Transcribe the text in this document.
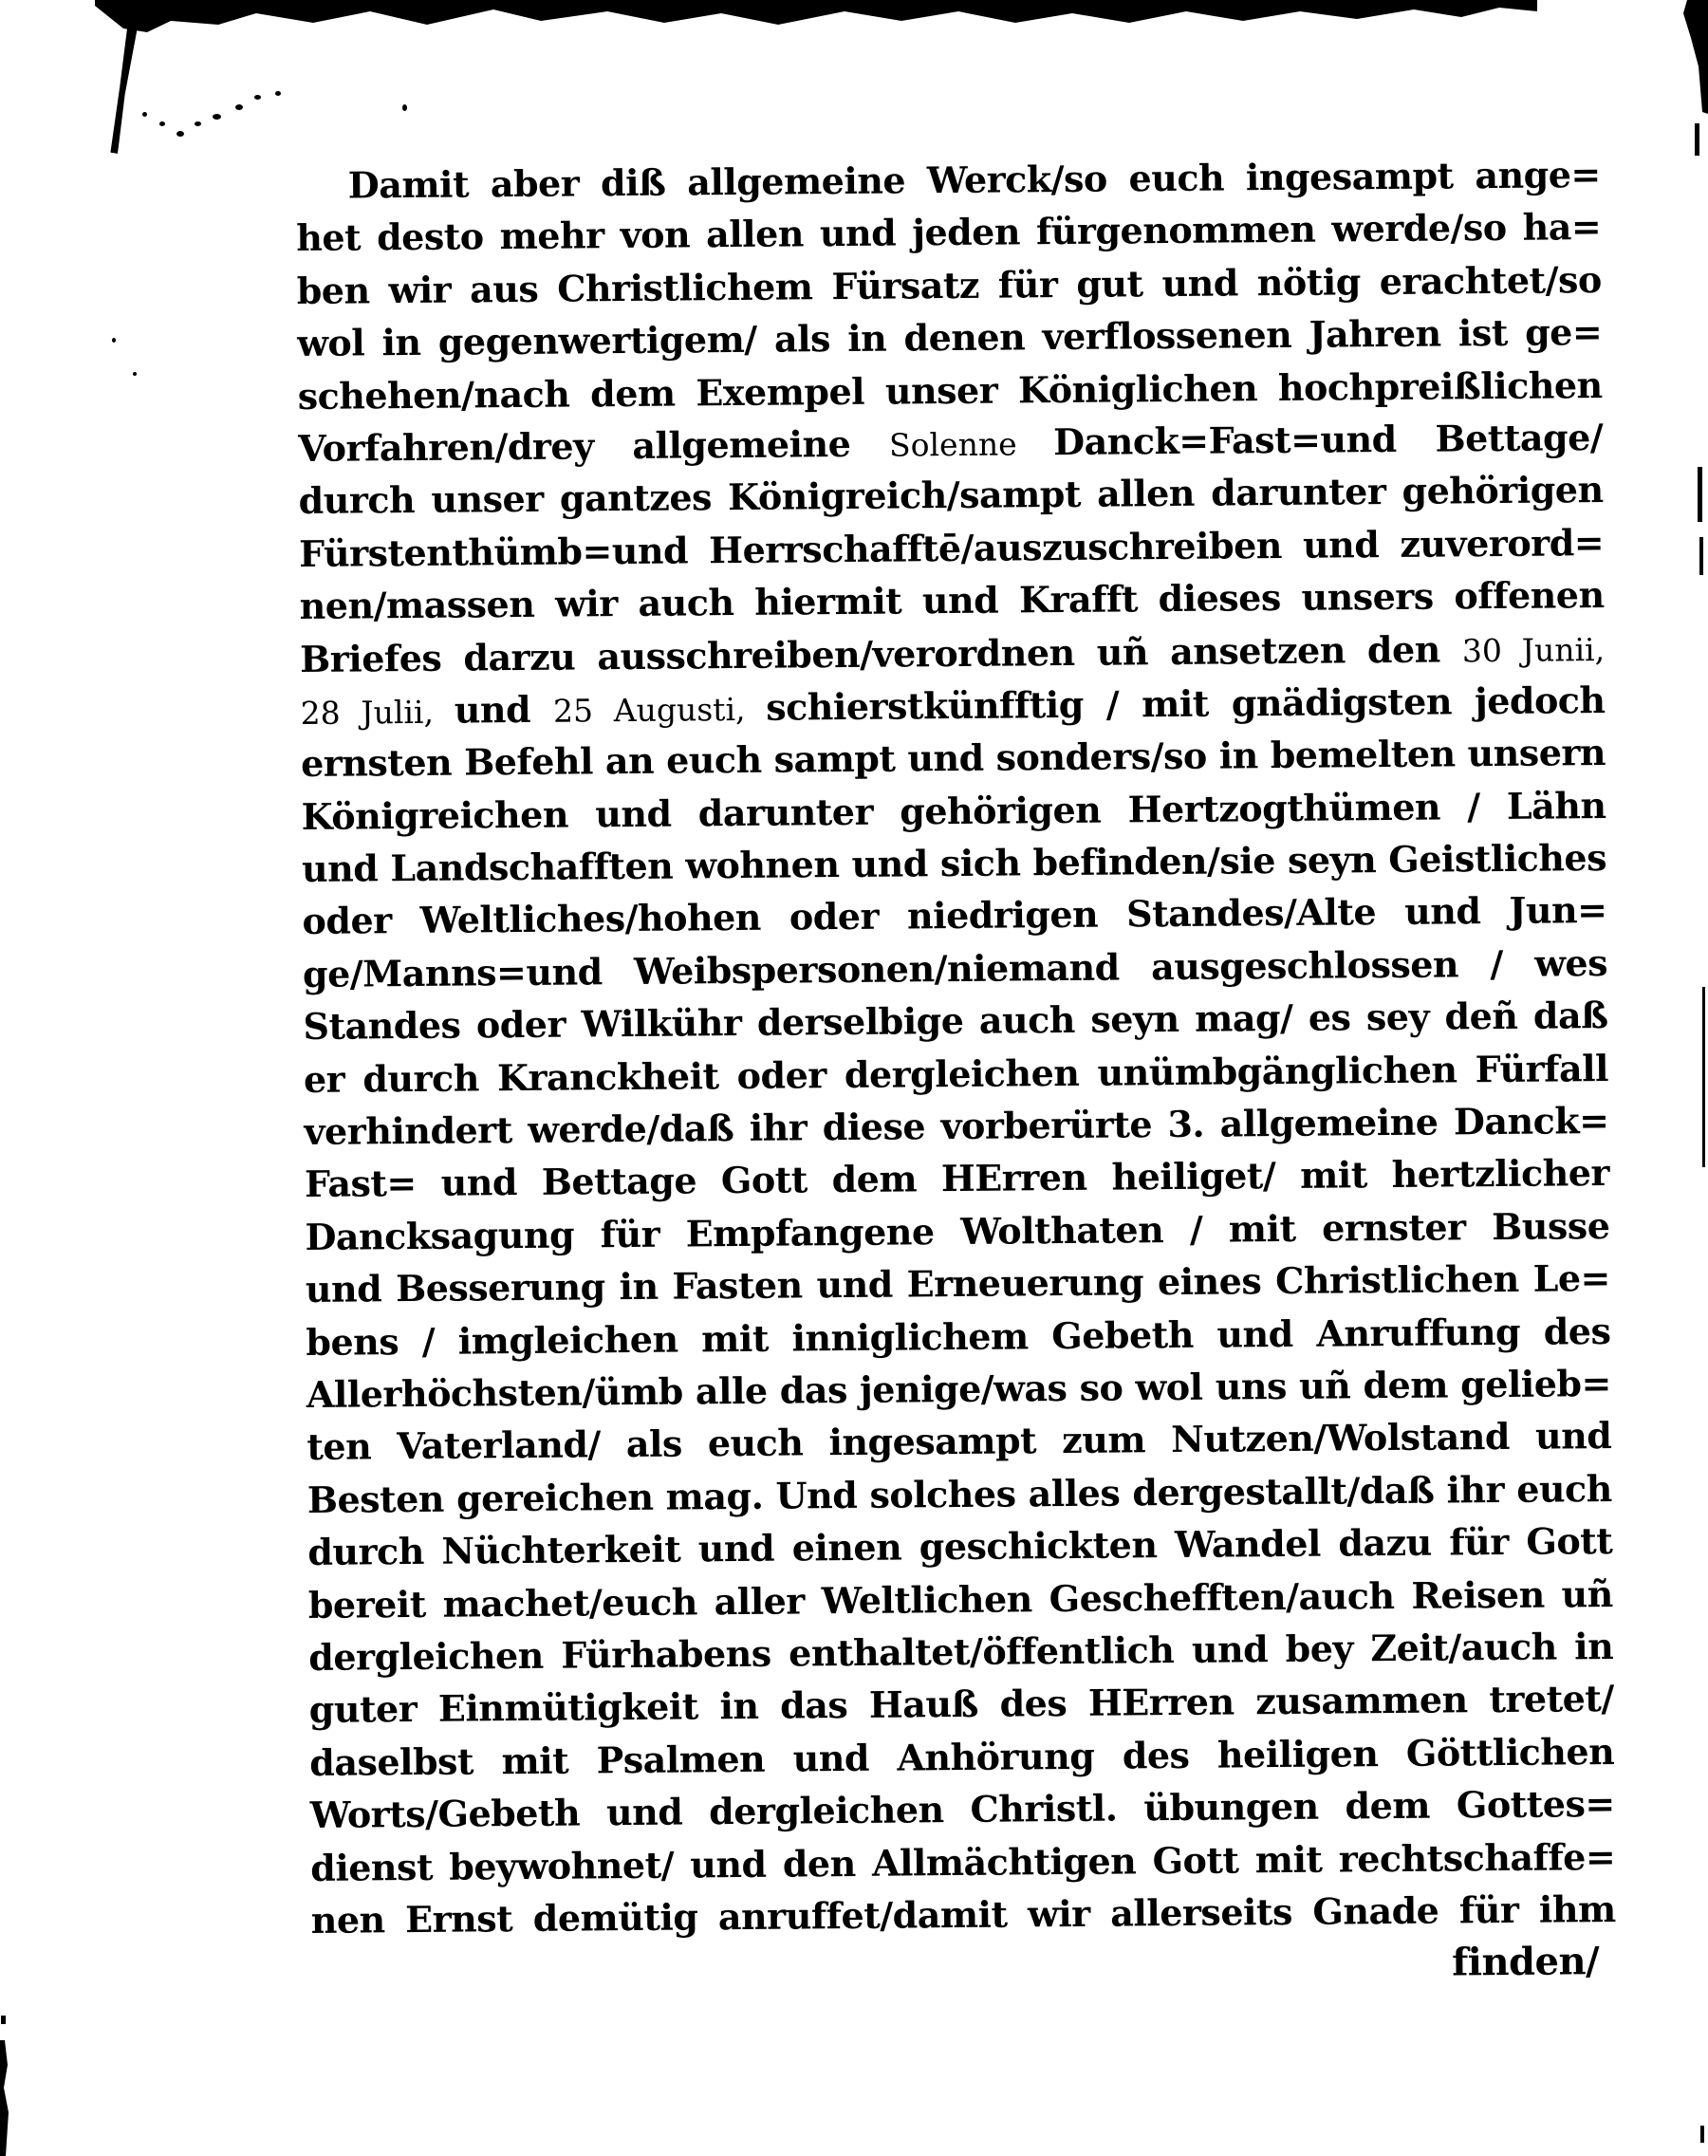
Damit aber diß allgemeine Werck/so euch ingesampt ange=
het desto mehr von allen und jeden fürgenommen werde/so ha=
ben wir aus Christlichem Fürsatz für gut und nötig erachtet/so
wol in gegenwertigem/ als in denen verflossenen Jahren ist ge=
schehen/nach dem Exempel unser Königlichen hochpreißlichen
Vorfahren/drey allgemeine Solenne Danck=Fast=und Bettage/
durch unser gantzes Königreich/sampt allen darunter gehörigen
Fürstenthümb=und Herrschafftē/auszuschreiben und zuverord=
nen/massen wir auch hiermit und Krafft dieses unsers offenen
Briefes darzu ausschreiben/verordnen uñ ansetzen den 30 Junii,
28 Julii, und 25 Augusti, schierstkünfftig / mit gnädigsten jedoch
ernsten Befehl an euch sampt und sonders/so in bemelten unsern
Königreichen und darunter gehörigen Hertzogthümen / Lähn
und Landschafften wohnen und sich befinden/sie seyn Geistliches
oder Weltliches/hohen oder niedrigen Standes/Alte und Jun=
ge/Manns=und Weibspersonen/niemand ausgeschlossen / wes
Standes oder Wilkühr derselbige auch seyn mag/ es sey deñ daß
er durch Kranckheit oder dergleichen unümbgänglichen Fürfall
verhindert werde/daß ihr diese vorberürte 3. allgemeine Danck=
Fast= und Bettage Gott dem HErren heiliget/ mit hertzlicher
Dancksagung für Empfangene Wolthaten / mit ernster Busse
und Besserung in Fasten und Erneuerung eines Christlichen Le=
bens / imgleichen mit inniglichem Gebeth und Anruffung des
Allerhöchsten/ümb alle das jenige/was so wol uns uñ dem gelieb=
ten Vaterland/ als euch ingesampt zum Nutzen/Wolstand und
Besten gereichen mag. Und solches alles dergestallt/daß ihr euch
durch Nüchterkeit und einen geschickten Wandel dazu für Gott
bereit machet/euch aller Weltlichen Geschefften/auch Reisen uñ
dergleichen Fürhabens enthaltet/öffentlich und bey Zeit/auch in
guter Einmütigkeit in das Hauß des HErren zusammen tretet/
daselbst mit Psalmen und Anhörung des heiligen Göttlichen
Worts/Gebeth und dergleichen Christl. übungen dem Gottes=
dienst beywohnet/ und den Allmächtigen Gott mit rechtschaffe=
nen Ernst demütig anruffet/damit wir allerseits Gnade für ihm
finden/
